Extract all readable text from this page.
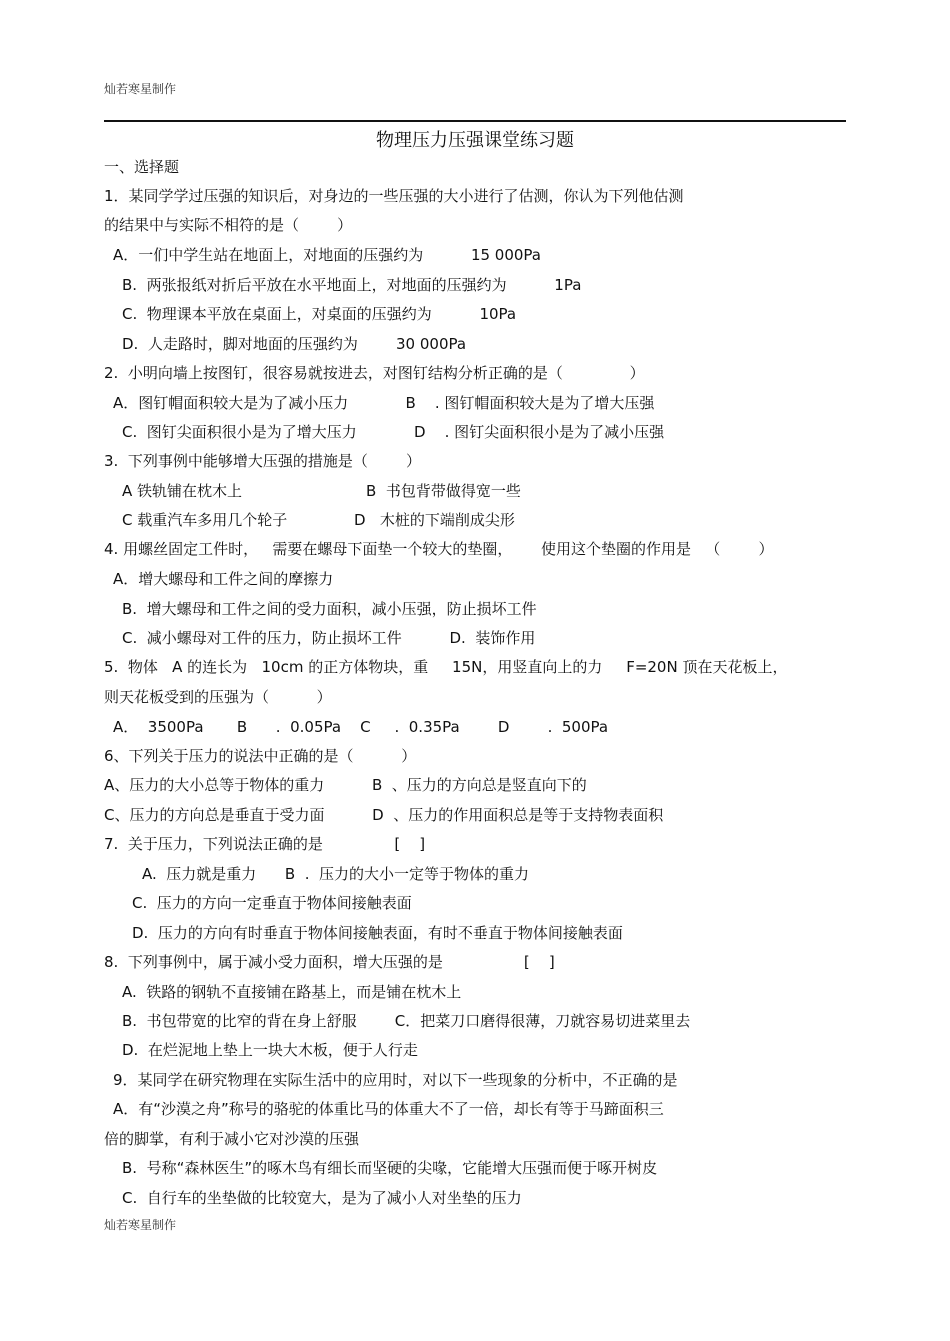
灿若寒星制作
物理压力压强课堂练习题
一、选择题
1．某同学学过压强的知识后，对身边的一些压强的大小进行了估测，你认为下列他估测
的结果中与实际不相符的是（        ）
A．一们中学生站在地面上，对地面的压强约为          15 000Pa
B.  两张报纸对折后平放在水平地面上，对地面的压强约为          1Pa
C.  物理课本平放在桌面上，对桌面的压强约为          10Pa
D.  人走路时，脚对地面的压强约为        30 000Pa
2.  小明向墙上按图钉，很容易就按进去，对图钉结构分析正确的是（              ）
A．图钉帽面积较大是为了减小压力            B    . 图钉帽面积较大是为了增大压强
C.  图钉尖面积很小是为了增大压力            D    . 图钉尖面积很小是为了减小压强
3.  下列事例中能够增大压强的措施是（        ）
A 铁轨铺在枕木上                          B  书包背带做得宽一些
C 载重汽车多用几个轮子              D   木桩的下端削成尖形
4. 用螺丝固定工件时，   需要在螺母下面垫一个较大的垫圈，      使用这个垫圈的作用是   （        ）
A．增大螺母和工件之间的摩擦力
B.  增大螺母和工件之间的受力面积，减小压强，防止损坏工件
C.  减小螺母对工件的压力，防止损坏工件          D.  装饰作用
5.  物体   A 的连长为   10cm 的正方体物块，重     15N，用竖直向上的力     F=20N 顶在天花板上，
则天花板受到的压强为（          ）
A．  3500Pa       B      .  0.05Pa    C     .  0.35Pa        D        .  500Pa
6、下列关于压力的说法中正确的是（          ）
A、压力的大小总等于物体的重力          B  、压力的方向总是竖直向下的
C、压力的方向总是垂直于受力面          D  、压力的作用面积总是等于支持物表面积
7.  关于压力，下列说法正确的是               [    ]
A.  压力就是重力      B  .  压力的大小一定等于物体的重力
C.  压力的方向一定垂直于物体间接触表面
D.  压力的方向有时垂直于物体间接触表面，有时不垂直于物体间接触表面
8.  下列事例中，属于减小受力面积，增大压强的是                 [    ]
A.  铁路的钢轨不直接铺在路基上，而是铺在枕木上
B.  书包带宽的比窄的背在身上舒服        C．把菜刀口磨得很薄，刀就容易切进菜里去
D.  在烂泥地上垫上一块大木板，便于人行走
9．某同学在研究物理在实际生活中的应用时，对以下一些现象的分析中，不正确的是
A．有“沙漠之舟”称号的骆驼的体重比马的体重大不了一倍，却长有等于马蹄面积三
倍的脚掌，有利于减小它对沙漠的压强
B.  号称“森林医生”的啄木鸟有细长而坚硬的尖喙，它能增大压强而便于啄开树皮
C.  自行车的坐垫做的比较宽大，是为了减小人对坐垫的压力
灿若寒星制作
